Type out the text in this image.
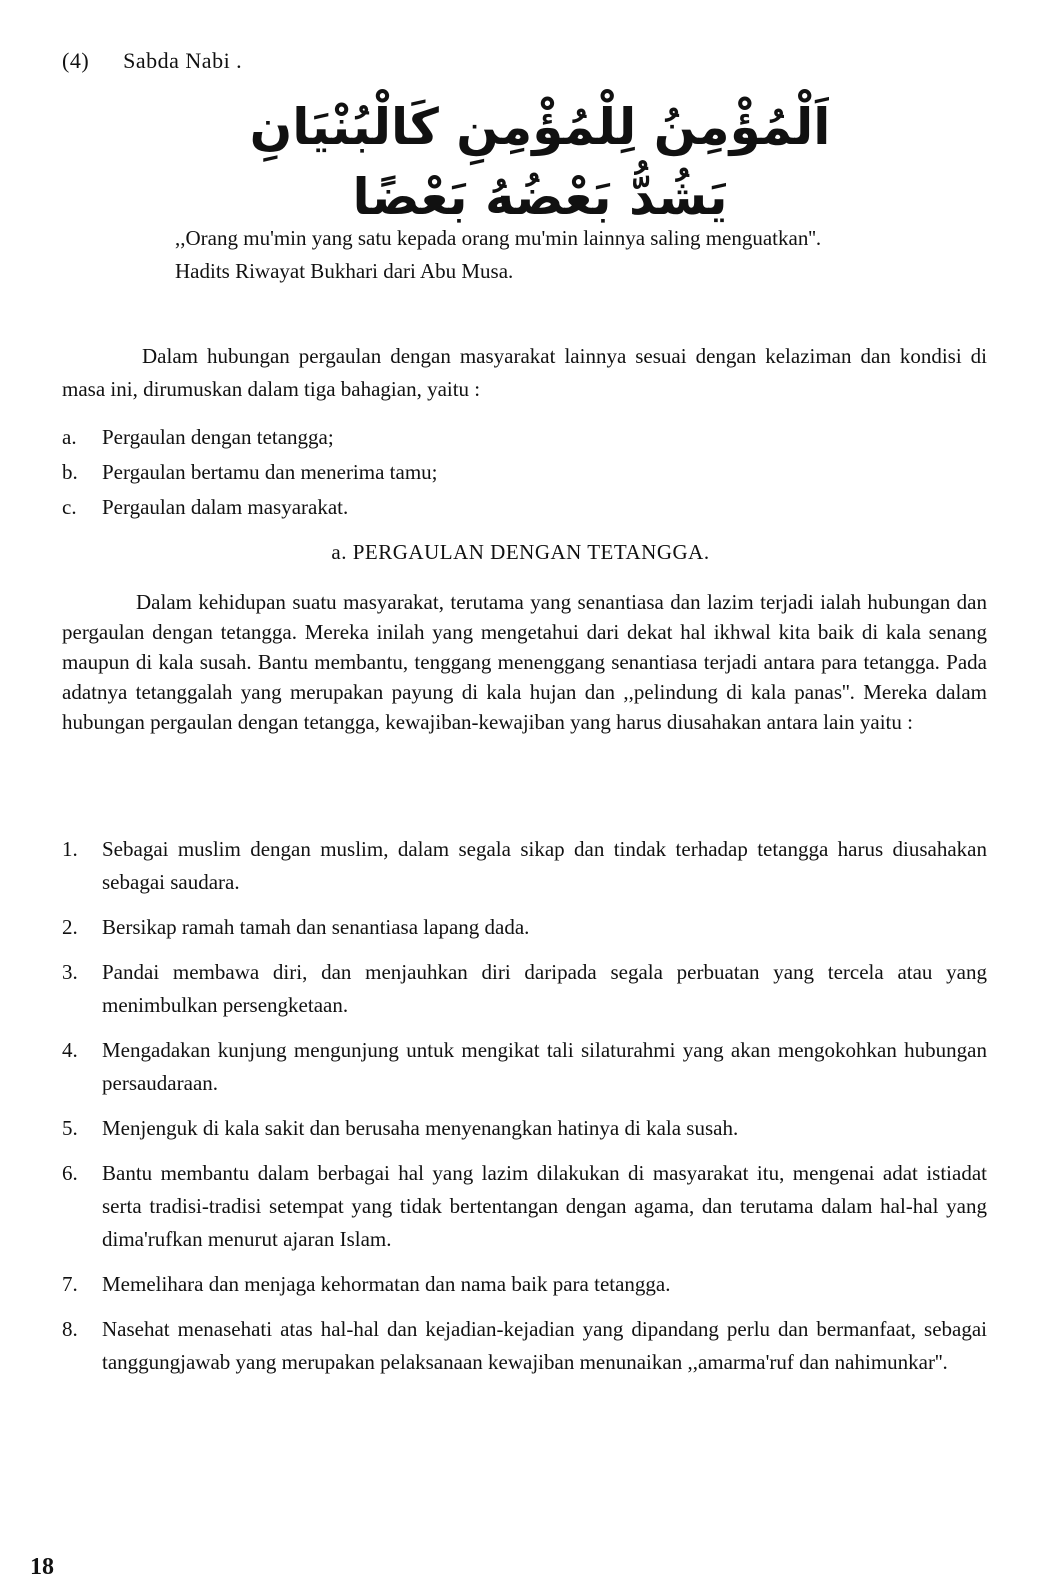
(4) Sabda Nabi .
اَلْمُؤْمِنُ لِلْمُؤْمِنِ كَالْبُنْيَانِ يَشُدُّ بَعْضُهُ بَعْضًا
,,Orang mu'min yang satu kepada orang mu'min lainnya saling menguatkan''.
Hadits Riwayat Bukhari dari Abu Musa.
Dalam hubungan pergaulan dengan masyarakat lainnya sesuai dengan kelaziman dan kondisi di masa ini, dirumuskan dalam tiga bahagian, yaitu :
a.	Pergaulan dengan tetangga;
b.	Pergaulan bertamu dan menerima tamu;
c.	Pergaulan dalam masyarakat.
a. PERGAULAN DENGAN TETANGGA.
Dalam kehidupan suatu masyarakat, terutama yang senantiasa dan lazim terjadi ialah hubungan dan pergaulan dengan tetangga. Mereka inilah yang mengetahui dari dekat hal ikhwal kita baik di kala senang maupun di kala susah. Bantu membantu, tenggang menenggang senantiasa terjadi antara para tetangga. Pada adatnya tetanggalah yang merupakan payung di kala hujan dan ,,pelindung di kala panas''. Mereka dalam hubungan pergaulan dengan tetangga, kewajiban-kewajiban yang harus diusahakan antara lain yaitu :
1.	Sebagai muslim dengan muslim, dalam segala sikap dan tindak terhadap tetangga harus diusahakan sebagai saudara.
2.	Bersikap ramah tamah dan senantiasa lapang dada.
3.	Pandai membawa diri, dan menjauhkan diri daripada segala perbuatan yang tercela atau yang menimbulkan persengketaan.
4.	Mengadakan kunjung mengunjung untuk mengikat tali silaturahmi yang akan mengokohkan hubungan persaudaraan.
5.	Menjenguk di kala sakit dan berusaha menyenangkan hatinya di kala susah.
6.	Bantu membantu dalam berbagai hal yang lazim dilakukan di masyarakat itu, mengenai adat istiadat serta tradisi-tradisi setempat yang tidak bertentangan dengan agama, dan terutama dalam hal-hal yang dima'rufkan menurut ajaran Islam.
7.	Memelihara dan menjaga kehormatan dan nama baik para tetangga.
8.	Nasehat menasehati atas hal-hal dan kejadian-kejadian yang dipandang perlu dan bermanfaat, sebagai tanggungjawab yang merupakan pelaksanaan kewajiban menunaikan ,,amarma'ruf dan nahimunkar''.
18
